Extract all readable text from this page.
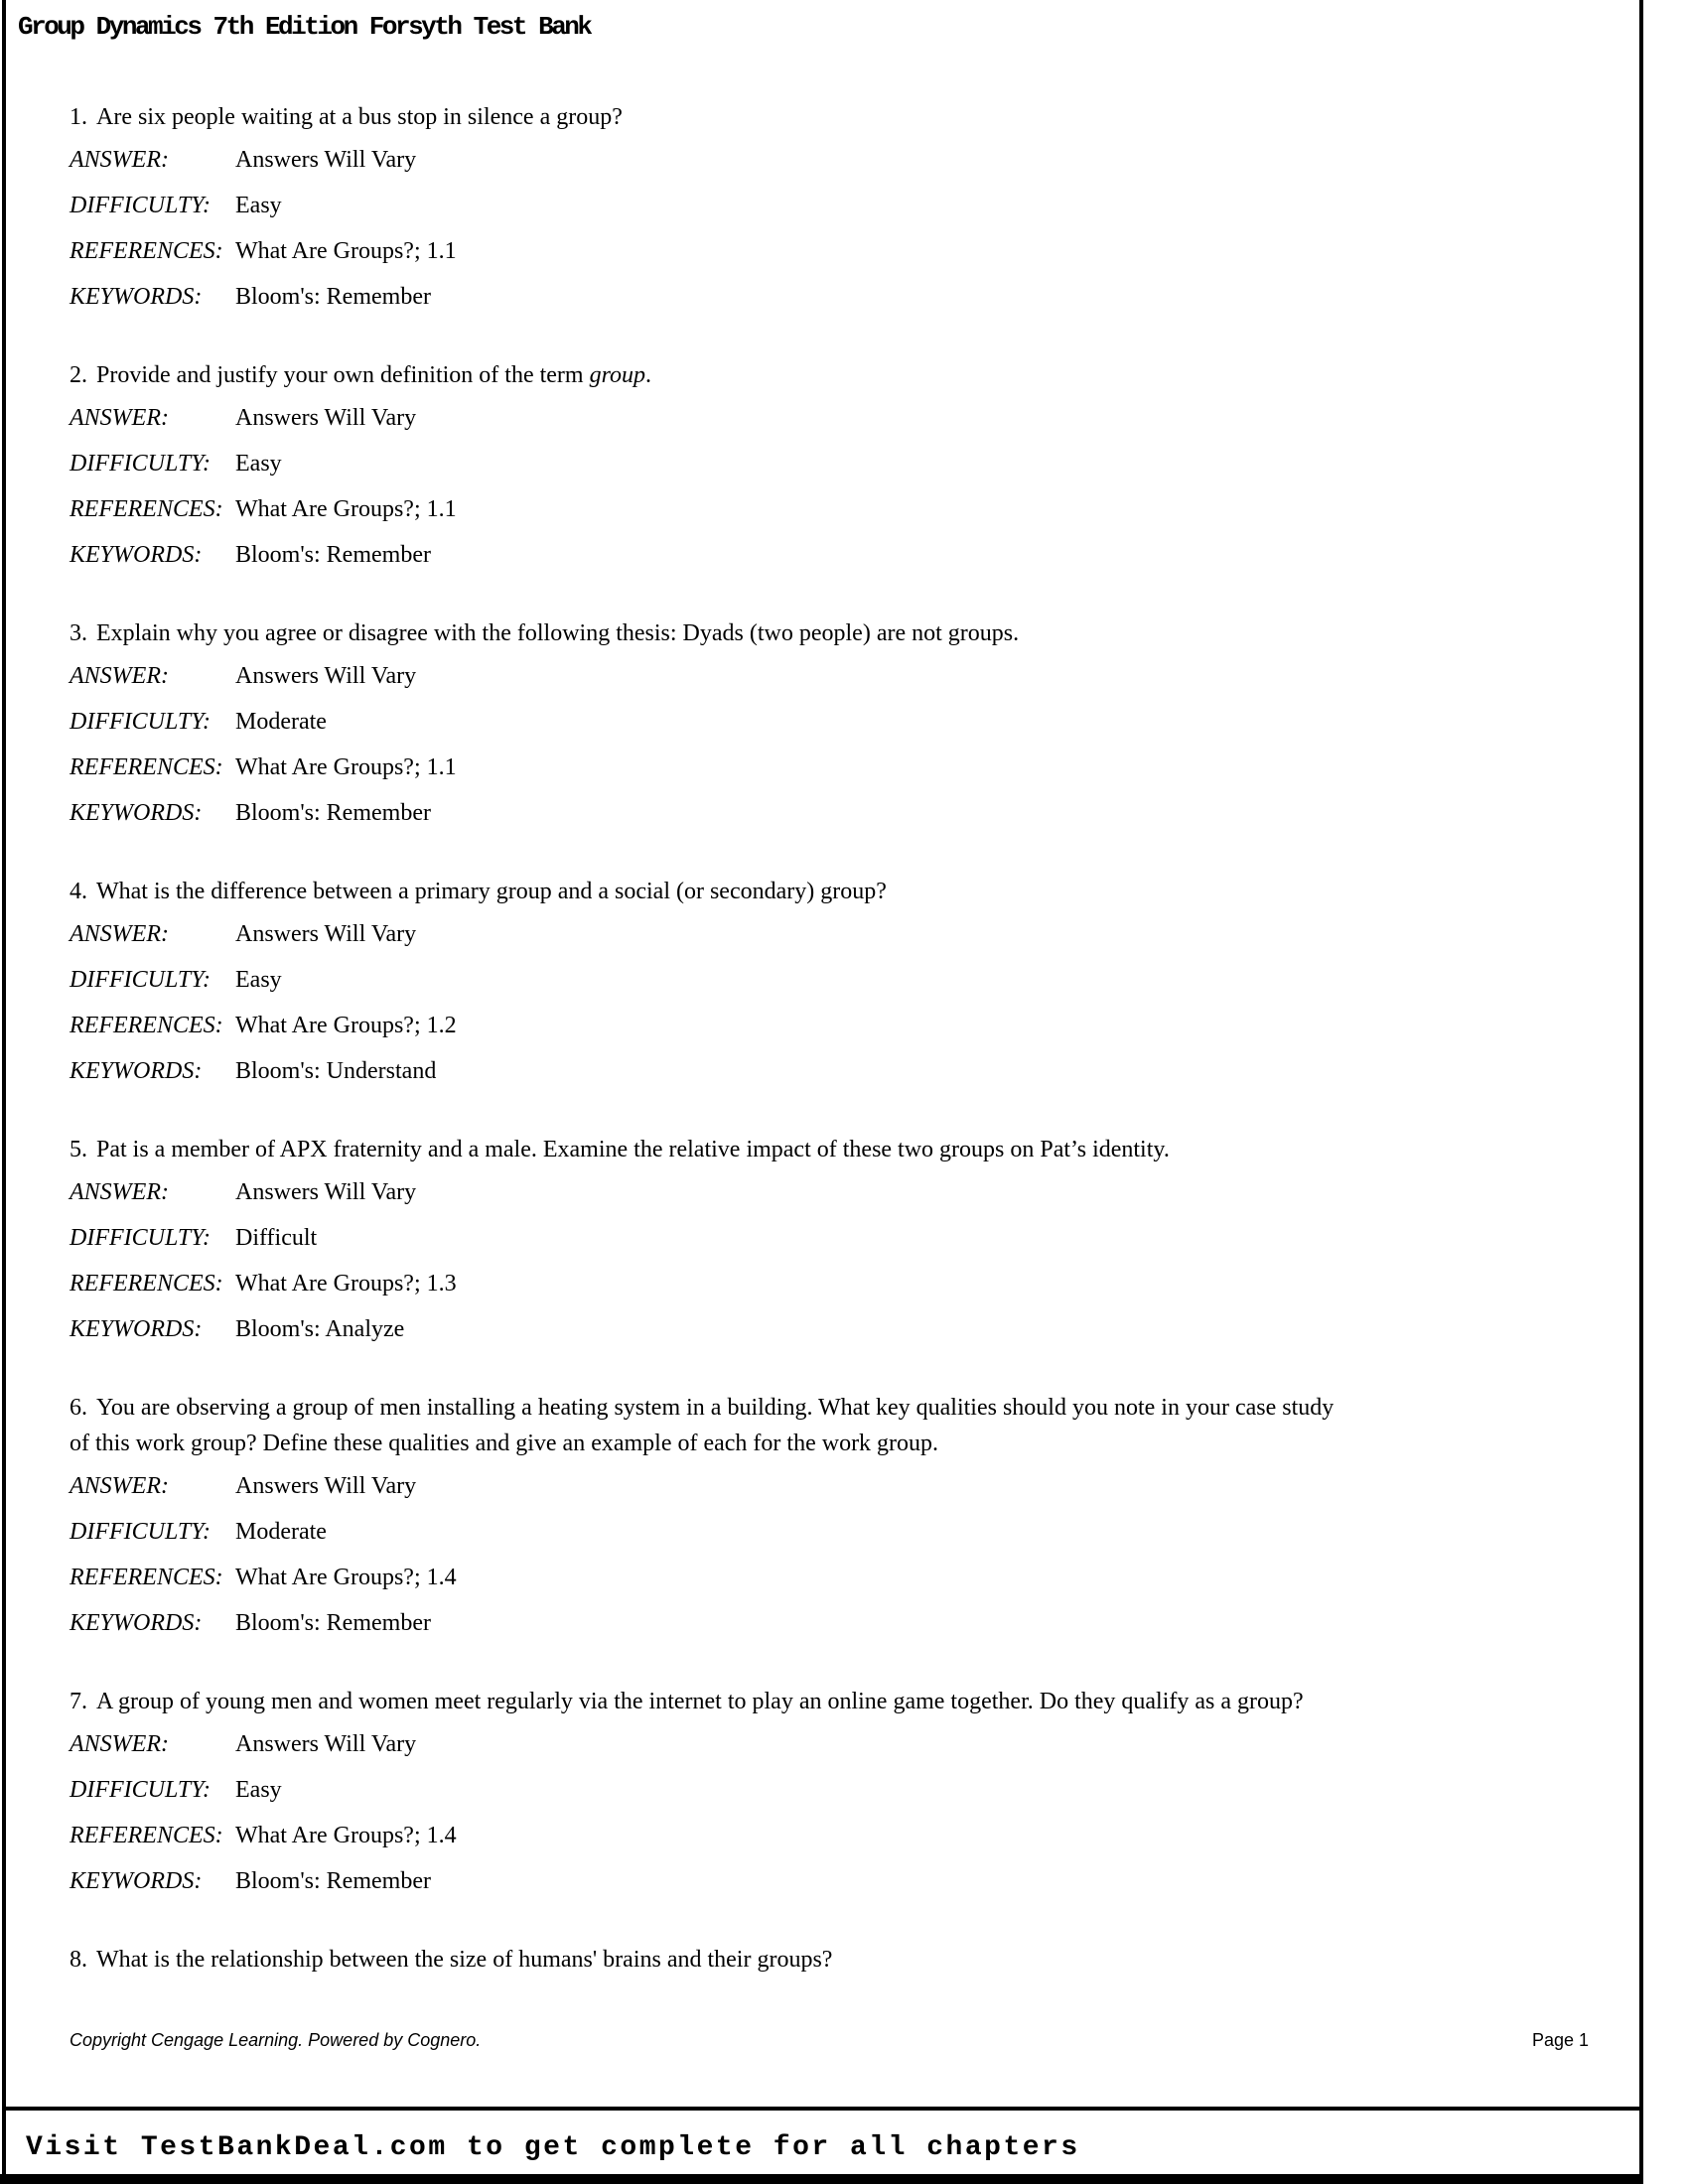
Group Dynamics 7th Edition Forsyth Test Bank

1. Are six people waiting at a bus stop in silence a group?

ANSWER:	Answers Will Vary
DIFFICULTY:	Easy
REFERENCES: What Are Groups?; 1.1
KEYWORDS:	Bloom's: Remember

2. Provide and justify your own definition of the term group.

ANSWER:	Answers Will Vary
DIFFICULTY:	Easy
REFERENCES: What Are Groups?; 1.1
KEYWORDS:	Bloom's: Remember

3. Explain why you agree or disagree with the following thesis: Dyads (two people) are not groups.

ANSWER:	Answers Will Vary
DIFFICULTY:	Moderate
REFERENCES: What Are Groups?; 1.1
KEYWORDS:	Bloom's: Remember

4. What is the difference between a primary group and a social (or secondary) group?

ANSWER:	Answers Will Vary
DIFFICULTY:	Easy
REFERENCES: What Are Groups?; 1.2
KEYWORDS:	Bloom's: Understand

5. Pat is a member of APX fraternity and a male. Examine the relative impact of these two groups on Pat’s identity.

ANSWER:	Answers Will Vary
DIFFICULTY:	Difficult
REFERENCES: What Are Groups?; 1.3
KEYWORDS:	Bloom's: Analyze

6. You are observing a group of men installing a heating system in a building. What key qualities should you note in your case study of this work group? Define these qualities and give an example of each for the work group.

ANSWER:	Answers Will Vary
DIFFICULTY:	Moderate
REFERENCES: What Are Groups?; 1.4
KEYWORDS:	Bloom's: Remember

7. A group of young men and women meet regularly via the internet to play an online game together. Do they qualify as a group?

ANSWER:	Answers Will Vary
DIFFICULTY:	Easy
REFERENCES: What Are Groups?; 1.4
KEYWORDS:	Bloom's: Remember

8. What is the relationship between the size of humans' brains and their groups?

Copyright Cengage Learning. Powered by Cognero.	Page 1
Visit TestBankDeal.com to get complete for all chapters
